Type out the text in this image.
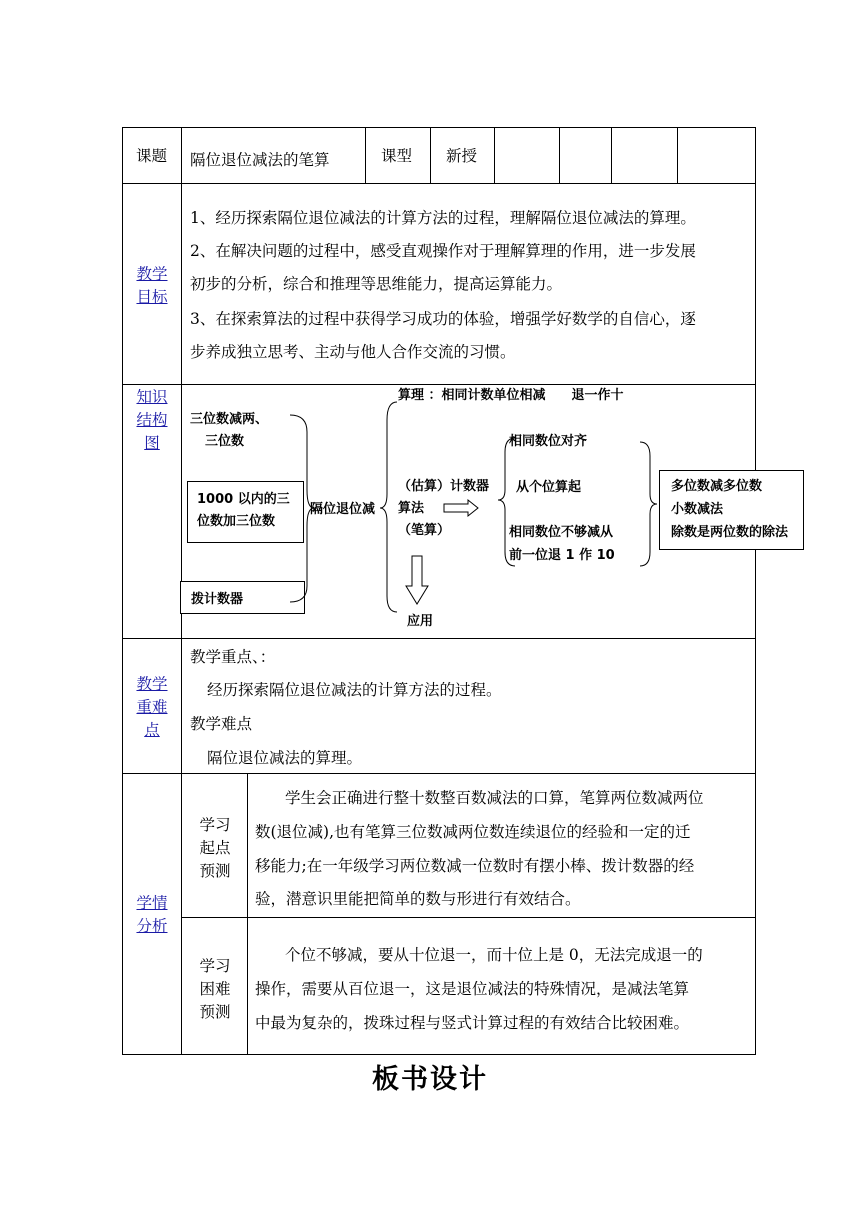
课题 隔位退位减法的笔算	课型 新授
教学
目标
1、经历探索隔位退位减法的计算方法的过程，理解隔位退位减法的算理。
2、在解决问题的过程中，感受直观操作对于理解算理的作用，进一步发展
初步的分析，综合和推理等思维能力，提高运算能力。
3、在探索算法的过程中获得学习成功的体验，增强学好数学的自信心，逐
步养成独立思考、主动与他人合作交流的习惯。
知识
结构
图
三位数减两、
三位数
1000 以内的三
位数加三位数
拨计数器
隔位退位减
算理 ：相同计数单位相减　　退一作十
（估算）计数器
算法
（笔算）
应用
相同数位对齐
从个位算起
相同数位不够减从
前一位退 1 作 10
多位数减多位数
小数减法
除数是两位数的除法
教学
重难
点
教学重点、：
经历探索隔位退位减法的计算方法的过程。
教学难点
隔位退位减法的算理。
学情
分析
学习
起点
预测
学生会正确进行整十数整百数减法的口算，笔算两位数减两位
数(退位减),也有笔算三位数减两位数连续退位的经验和一定的迁
移能力;在一年级学习两位数减一位数时有摆小棒、拨计数器的经
验，潜意识里能把简单的数与形进行有效结合。
学习
困难
预测
个位不够减，要从十位退一，而十位上是 0，无法完成退一的
操作，需要从百位退一，这是退位减法的特殊情况，是减法笔算
中最为复杂的，拨珠过程与竖式计算过程的有效结合比较困难。
板书设计
